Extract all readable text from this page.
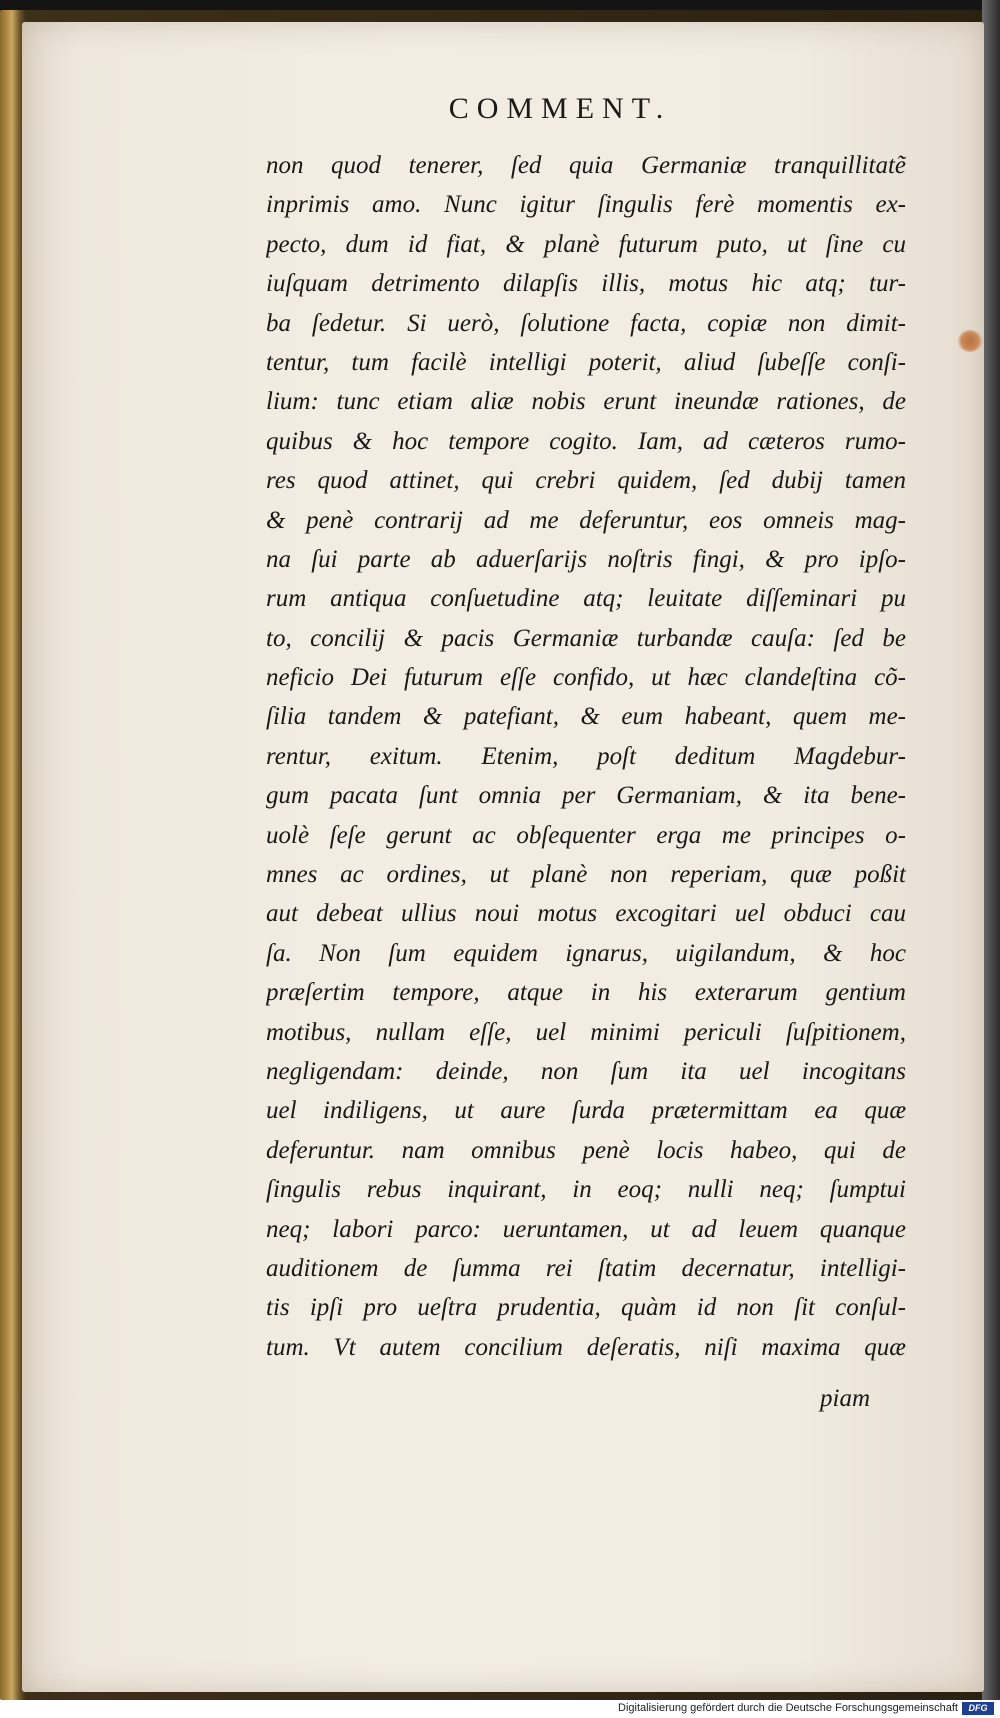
COMMENT.
non quod tenerer, ſed quia Germaniæ tranquillitatẽ
inprimis amo. Nunc igitur ſingulis ferè momentis ex-
pecto, dum id fiat, & planè futurum puto, ut ſine cu
iuſquam detrimento dilapſis illis, motus hic atq; tur-
ba ſedetur. Si uerò, ſolutione facta, copiæ non dimit-
tentur, tum facilè intelligi poterit, aliud ſubeſſe conſi-
lium: tunc etiam aliæ nobis erunt ineundæ rationes, de
quibus & hoc tempore cogito. Iam, ad cæteros rumo-
res quod attinet, qui crebri quidem, ſed dubij tamen
& penè contrarij ad me deferuntur, eos omneis mag-
na ſui parte ab aduerſarijs noſtris fingi, & pro ipſo-
rum antiqua conſuetudine atq; leuitate diſſeminari pu
to, concilij & pacis Germaniæ turbandæ cauſa: ſed be
neficio Dei futurum eſſe confido, ut hæc clandeſtina cõ-
ſilia tandem & patefiant, & eum habeant, quem me-
rentur, exitum. Etenim, poſt deditum Magdebur-
gum pacata ſunt omnia per Germaniam, & ita bene-
uolè ſeſe gerunt ac obſequenter erga me principes o-
mnes ac ordines, ut planè non reperiam, quæ poßit
aut debeat ullius noui motus excogitari uel obduci cau
ſa. Non ſum equidem ignarus, uigilandum, & hoc
præſertim tempore, atque in his exterarum gentium
motibus, nullam eſſe, uel minimi periculi ſuſpitionem,
negligendam: deinde, non ſum ita uel incogitans
uel indiligens, ut aure ſurda prætermittam ea quæ
deferuntur. nam omnibus penè locis habeo, qui de
ſingulis rebus inquirant, in eoq; nulli neq; ſumptui
neq; labori parco: ueruntamen, ut ad leuem quanque
auditionem de ſumma rei ſtatim decernatur, intelligi-
tis ipſi pro ueſtra prudentia, quàm id non ſit conſul-
tum. Vt autem concilium deſeratis, niſi maxima quæ
piam
Digitalisierung gefördert durch die Deutsche Forschungsgemeinschaft	DFG
